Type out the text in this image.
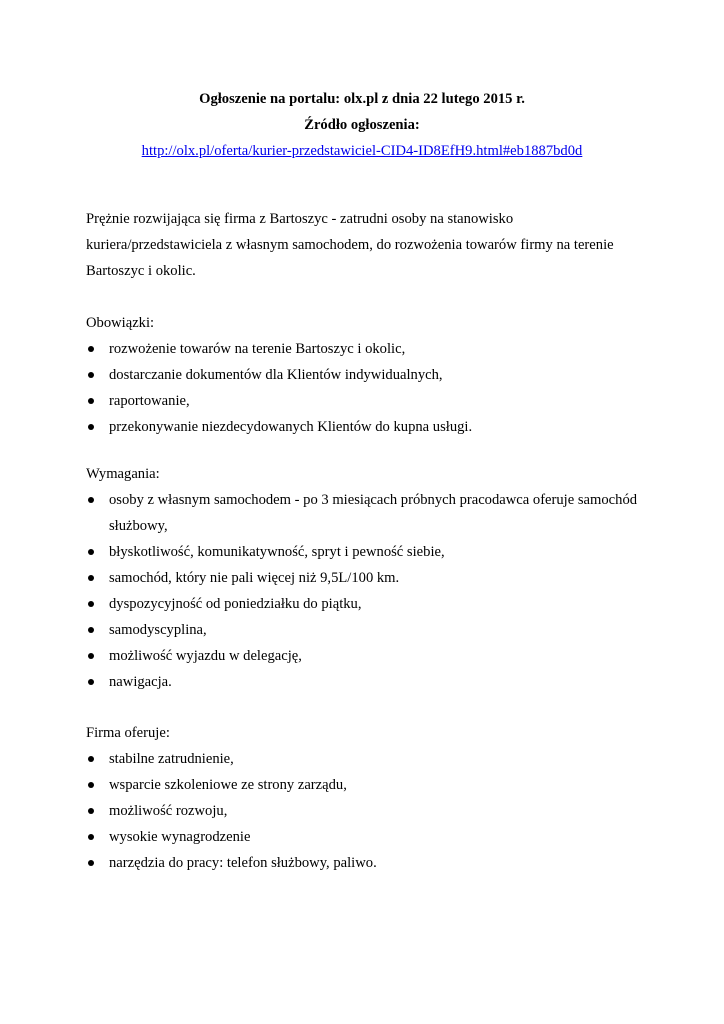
Ogłoszenie na portalu: olx.pl z dnia 22 lutego 2015 r.
Źródło ogłoszenia:
http://olx.pl/oferta/kurier-przedstawiciel-CID4-ID8EfH9.html#eb1887bd0d

Prężnie rozwijająca się firma z Bartoszyc - zatrudni osoby na stanowisko kuriera/przedstawiciela z własnym samochodem, do rozwożenia towarów firmy na terenie Bartoszyc i okolic.

Obowiązki:
rozwożenie towarów na terenie Bartoszyc i okolic,
dostarczanie dokumentów dla Klientów indywidualnych,
raportowanie,
przekonywanie niezdecydowanych Klientów do kupna usługi.
Wymagania:
osoby z własnym samochodem - po 3 miesiącach próbnych pracodawca oferuje samochód służbowy,
błyskotliwość, komunikatywność, spryt i pewność siebie,
samochód, który nie pali więcej niż 9,5L/100 km.
dyspozycyjność od poniedziałku do piątku,
samodyscyplina,
możliwość wyjazdu w delegację,
nawigacja.
Firma oferuje:
stabilne zatrudnienie,
wsparcie szkoleniowe ze strony zarządu,
możliwość rozwoju,
wysokie wynagrodzenie
narzędzia do pracy: telefon służbowy, paliwo.
